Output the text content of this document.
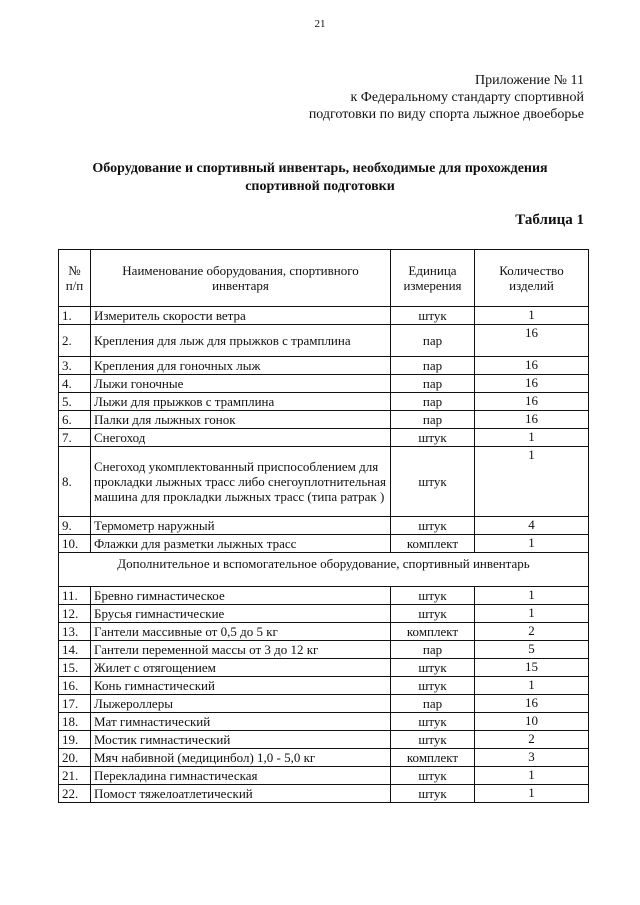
21
Приложение № 11
к Федеральному стандарту спортивной
подготовки по виду спорта лыжное двоеборье
Оборудование и спортивный инвентарь, необходимые для прохождения
спортивной подготовки
Таблица 1
№ п/п	Наименование оборудования, спортивного инвентаря	Единица измерения	Количество изделий
1.	Измеритель скорости ветра	штук	1
2.	Крепления для лыж для прыжков с трамплина	пар	16
3.	Крепления для гоночных лыж	пар	16
4.	Лыжи гоночные	пар	16
5.	Лыжи для прыжков с трамплина	пар	16
6.	Палки для лыжных гонок	пар	16
7.	Снегоход	штук	1
8.	Снегоход укомплектованный приспособлением для прокладки лыжных трасс либо снегоуплотнительная машина для прокладки лыжных трасс (типа ратрак )	штук	1
9.	Термометр наружный	штук	4
10.	Флажки для разметки лыжных трасс	комплект	1
Дополнительное и вспомогательное оборудование, спортивный инвентарь			
11.	Бревно гимнастическое	штук	1
12.	Брусья гимнастические	штук	1
13.	Гантели массивные от 0,5 до 5 кг	комплект	2
14.	Гантели переменной массы от 3 до 12 кг	пар	5
15.	Жилет с отягощением	штук	15
16.	Конь гимнастический	штук	1
17.	Лыжероллеры	пар	16
18.	Мат гимнастический	штук	10
19.	Мостик гимнастический	штук	2
20.	Мяч набивной (медицинбол) 1,0 - 5,0 кг	комплект	3
21.	Перекладина гимнастическая	штук	1
22.	Помост тяжелоатлетический	штук	1
